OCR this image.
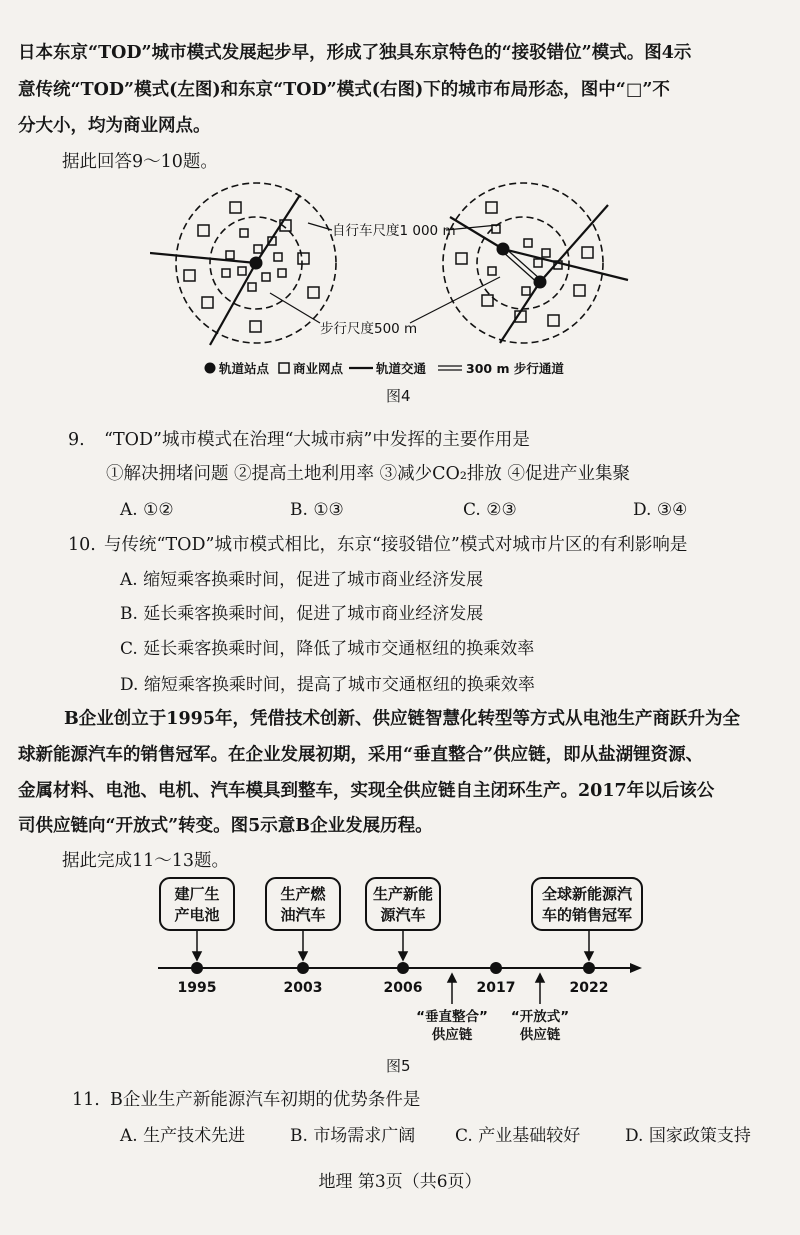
日本东京“TOD”城市模式发展起步早，形成了独具东京特色的“接驳错位”模式。图4示
意传统“TOD”模式(左图)和东京“TOD”模式(右图)下的城市布局形态，图中“□”不
分大小，均为商业网点。
据此回答9～10题。
自行车尺度1 000 m
步行尺度500 m
轨道站点 商业网点	轨道交通	300 m 步行通道
图4
9. “TOD”城市模式在治理“大城市病”中发挥的主要作用是
①解决拥堵问题 ②提高土地利用率 ③减少CO₂排放 ④促进产业集聚
A. ①②	B. ①③	C. ②③	D. ③④
10. 与传统“TOD”城市模式相比，东京“接驳错位”模式对城市片区的有利影响是
A. 缩短乘客换乘时间，促进了城市商业经济发展
B. 延长乘客换乘时间，促进了城市商业经济发展
C. 延长乘客换乘时间，降低了城市交通枢纽的换乘效率
D. 缩短乘客换乘时间，提高了城市交通枢纽的换乘效率
B企业创立于1995年，凭借技术创新、供应链智慧化转型等方式从电池生产商跃升为全
球新能源汽车的销售冠军。在企业发展初期，采用“垂直整合”供应链，即从盐湖锂资源、
金属材料、电池、电机、汽车模具到整车，实现全供应链自主闭环生产。2017年以后该公
司供应链向“开放式”转变。图5示意B企业发展历程。
据此完成11～13题。
建厂生
产电池
生产燃
油汽车
生产新能
源汽车
全球新能源汽
车的销售冠军
1995	2003	2006	2017	2022
“垂直整合”
供应链
“开放式”
供应链
图5
11. B企业生产新能源汽车初期的优势条件是
A. 生产技术先进	B. 市场需求广阔 C. 产业基础较好	D. 国家政策支持
地理 第3页（共6页）
